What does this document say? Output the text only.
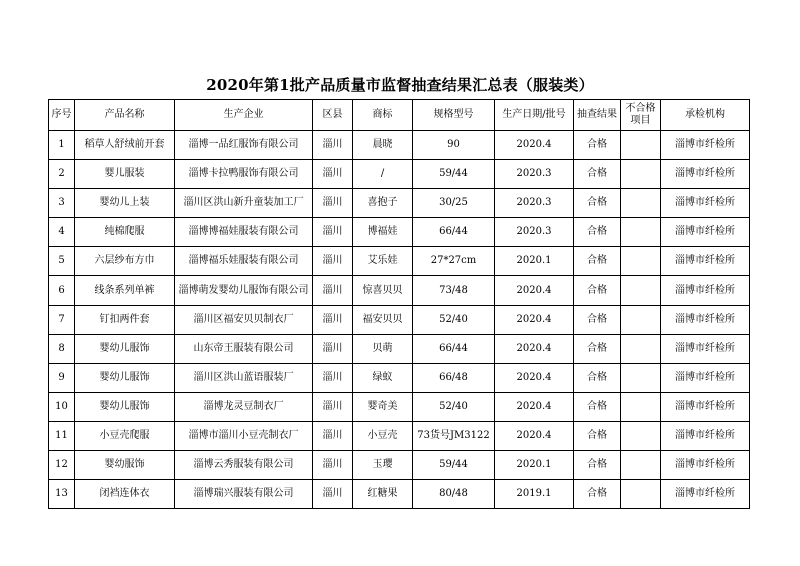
2020年第1批产品质量市监督抽查结果汇总表（服装类）
序号	产品名称	生产企业	区县	商标	规格型号	生产日期/批号	抽查结果	不合格项目	承检机构
1	稻草人舒绒前开套	淄博一品红服饰有限公司	淄川	晨晓	90	2020.4	合格		淄博市纤检所
2	婴儿服装	淄博卡拉鸭服饰有限公司	淄川	/	59/44	2020.3	合格		淄博市纤检所
3	婴幼儿上装	淄川区洪山新升童装加工厂	淄川	喜抱子	30/25	2020.3	合格		淄博市纤检所
4	纯棉爬服	淄博博福娃服装有限公司	淄川	博福娃	66/44	2020.3	合格		淄博市纤检所
5	六层纱布方巾	淄博福乐娃服装有限公司	淄川	艾乐娃	27*27cm	2020.1	合格		淄博市纤检所
6	线条系列单裤	淄博萌发婴幼儿服饰有限公司	淄川	惊喜贝贝	73/48	2020.4	合格		淄博市纤检所
7	钉扣两件套	淄川区福安贝贝制衣厂	淄川	福安贝贝	52/40	2020.4	合格		淄博市纤检所
8	婴幼儿服饰	山东帝王服装有限公司	淄川	贝萌	66/44	2020.4	合格		淄博市纤检所
9	婴幼儿服饰	淄川区洪山蓝语服装厂	淄川	绿蚁	66/48	2020.4	合格		淄博市纤检所
10	婴幼儿服饰	淄博龙灵豆制衣厂	淄川	婴奇美	52/40	2020.4	合格		淄博市纤检所
11	小豆壳爬服	淄博市淄川小豆壳制衣厂	淄川	小豆壳	73货号JM3122	2020.4	合格		淄博市纤检所
12	婴幼服饰	淄博云秀服装有限公司	淄川	玉璎	59/44	2020.1	合格		淄博市纤检所
13	闭裆连体衣	淄博瑞兴服装有限公司	淄川	红糖果	80/48	2019.1	合格		淄博市纤检所
